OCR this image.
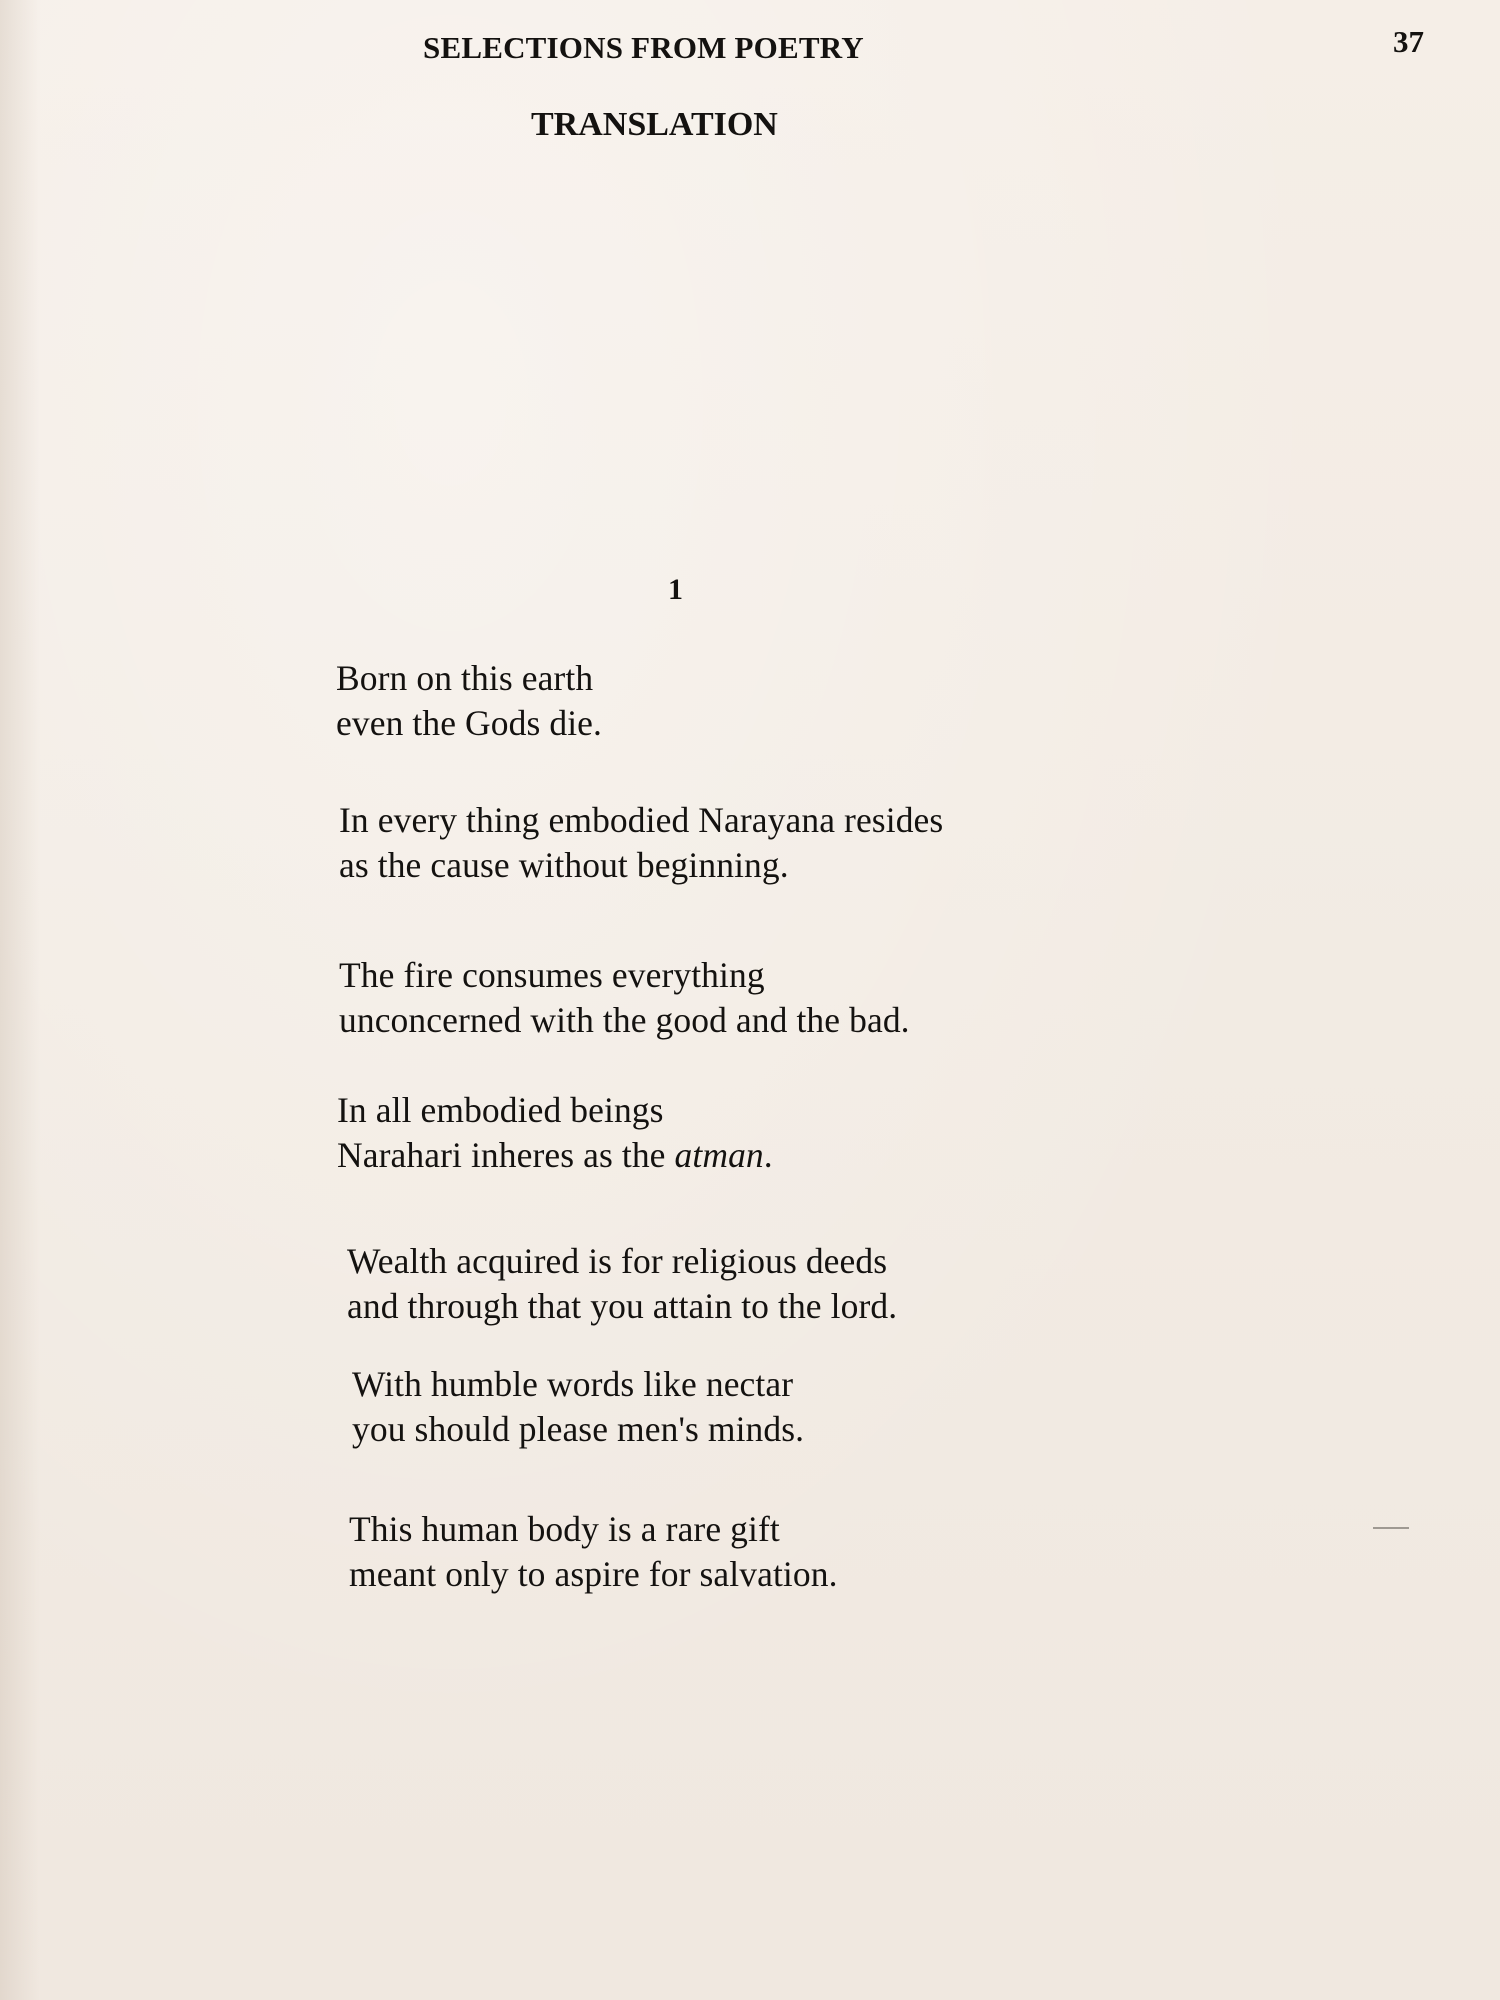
SELECTIONS FROM POETRY	37
TRANSLATION
1
Born on this earth
even the Gods die.
In every thing embodied Narayana resides
as the cause without beginning.
The fire consumes everything
unconcerned with the good and the bad.
In all embodied beings
Narahari inheres as the atman.
Wealth acquired is for religious deeds
and through that you attain to the lord.
With humble words like nectar
you should please men's minds.
This human body is a rare gift
meant only to aspire for salvation.
